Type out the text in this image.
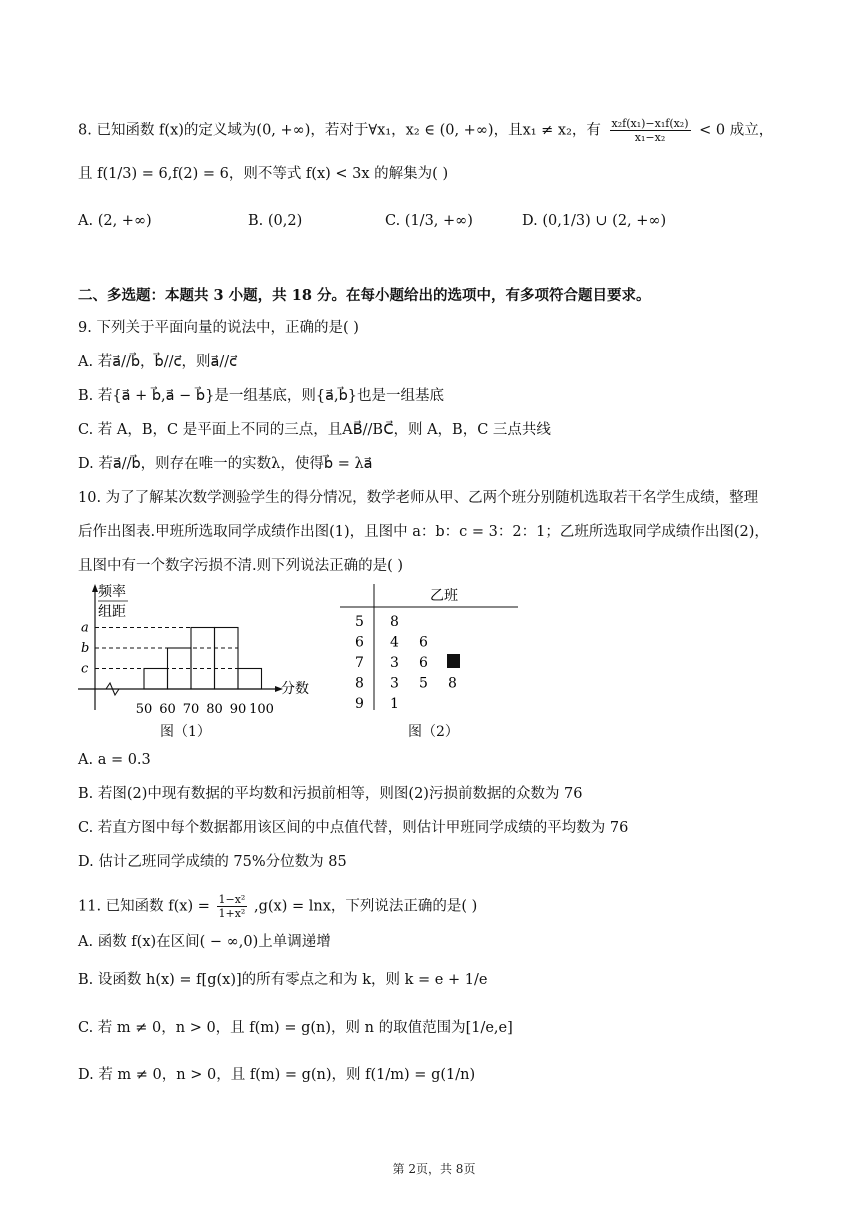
8. 已知函数 f(x)的定义域为(0, +∞)，若对于∀x₁，x₂ ∈ (0, +∞)，且x₁ ≠ x₂，有 $\frac{\text{x₂f(x₁)−x₁f(x₂)}}{\text{x₁−x₂}} < 0$ 成立，
且 f(1/3) = 6,f(2) = 6，则不等式 f(x) < 3x 的解集为( )
A. (2, +∞)	B. (0,2)	C. (1/3, +∞)	D. (0,1/3) ∪ (2, +∞)
二、多选题：本题共 3 小题，共 18 分。在每小题给出的选项中，有多项符合题目要求。
9. 下列关于平面向量的说法中，正确的是( )
A. 若a⃗//b⃗，b⃗//c⃗，则a⃗//c⃗
B. 若{a⃗ + b⃗,a⃗ − b⃗}是一组基底，则{a⃗,b⃗}也是一组基底
C. 若 A，B，C 是平面上不同的三点，且AB⃗//BC⃗，则 A，B，C 三点共线
D. 若a⃗//b⃗，则存在唯一的实数λ，使得b⃗ = λa⃗
10. 为了了解某次数学测验学生的得分情况，数学老师从甲、乙两个班分别随机选取若干名学生成绩，整理
后作出图表.甲班所选取同学成绩作出图(1)，且图中 a：b：c = 3：2：1；乙班所选取同学成绩作出图(2)，
且图中有一个数字污损不清.则下列说法正确的是( )
频率
组距
分数
a
b
c
50 60 70 80 90 100
图（1）
乙班
5 8
6 4 6
7 3 6
8 3 5 8
9 1
图（2）
A. a = 0.3
B. 若图(2)中现有数据的平均数和污损前相等，则图(2)污损前数据的众数为 76
C. 若直方图中每个数据都用该区间的中点值代替，则估计甲班同学成绩的平均数为 76
D. 估计乙班同学成绩的 75%分位数为 85
11. 已知函数 $f(x) = \frac{\text{1−x²}}{\text{1+x²}} ,g(x) = \ln x$，下列说法正确的是( )
A. 函数 f(x)在区间( − ∞,0)上单调递增
B. 设函数 h(x) = f[g(x)]的所有零点之和为 k，则 k = e + 1/e
C. 若 m ≠ 0，n > 0，且 f(m) = g(n)，则 n 的取值范围为[1/e,e]
D. 若 m ≠ 0，n > 0，且 f(m) = g(n)，则 f(1/m) = g(1/n)
第 2页，共 8页
